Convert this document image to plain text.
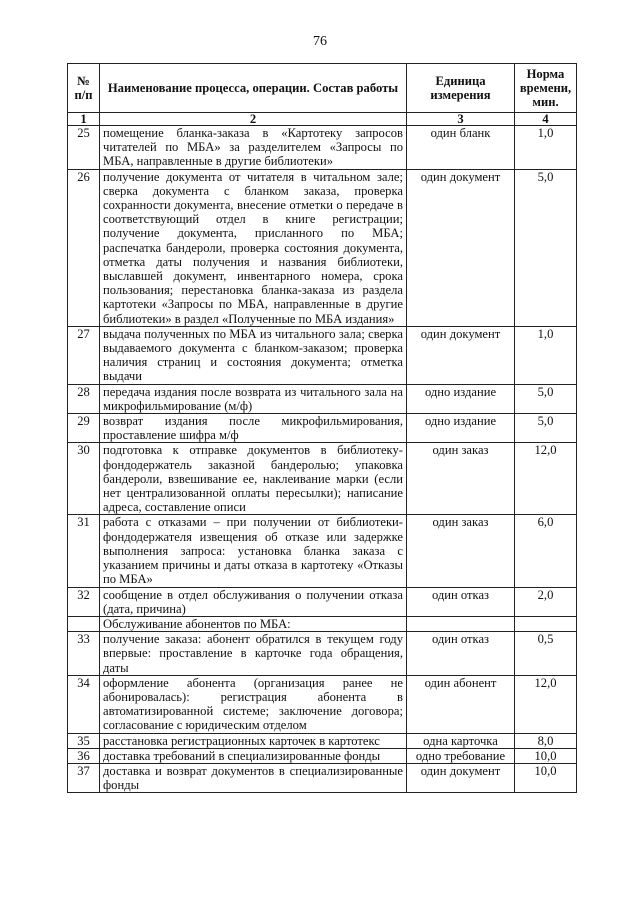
76
№ п/п	Наименование процесса, операции. Состав работы	Единица измерения	Норма времени, мин.
1	2	3	4
25	помещение бланка-заказа в «Картотеку запросов читателей по МБА» за разделителем «Запросы по МБА, направленные в другие библиотеки»	один бланк	1,0
26	получение документа от читателя в читальном зале; сверка документа с бланком заказа, проверка сохранности документа, внесение отметки о передаче в соответствующий отдел в книге регистрации; получение документа, присланного по МБА; распечатка бандероли, проверка состояния документа, отметка даты получения и названия библиотеки, выславшей документ, инвентарного номера, срока пользования; перестановка бланка-заказа из раздела картотеки «Запросы по МБА, направленные в другие библиотеки» в раздел «Полученные по МБА издания»	один документ	5,0
27	выдача полученных по МБА из читального зала; сверка выдаваемого документа с бланком-заказом; проверка наличия страниц и состояния документа; отметка выдачи	один документ	1,0
28	передача издания после возврата из читального зала на микрофильмирование (м/ф)	одно издание	5,0
29	возврат издания после микрофильмирования, проставление шифра м/ф	одно издание	5,0
30	подготовка к отправке документов в библиотеку-фондодержатель заказной бандеролью; упаковка бандероли, взвешивание ее, наклеивание марки (если нет централизованной оплаты пересылки); написание адреса, составление описи	один заказ	12,0
31	работа с отказами – при получении от библиотеки-фондодержателя извещения об отказе или задержке выполнения запроса: установка бланка заказа с указанием причины и даты отказа в картотеку «Отказы по МБА»	один заказ	6,0
32	сообщение в отдел обслуживания о получении отказа (дата, причина)	один отказ	2,0
	Обслуживание абонентов по МБА:		
33	получение заказа: абонент обратился в текущем году впервые: проставление в карточке года обращения, даты	один отказ	0,5
34	оформление абонента (организация ранее не абонировалась): регистрация абонента в автоматизированной системе; заключение договора; согласование с юридическим отделом	один абонент	12,0
35	расстановка регистрационных карточек в картотекс	одна карточка	8,0
36	доставка требований в специализированные фонды	одно требование	10,0
37	доставка и возврат документов в специализированные фонды	один документ	10,0
